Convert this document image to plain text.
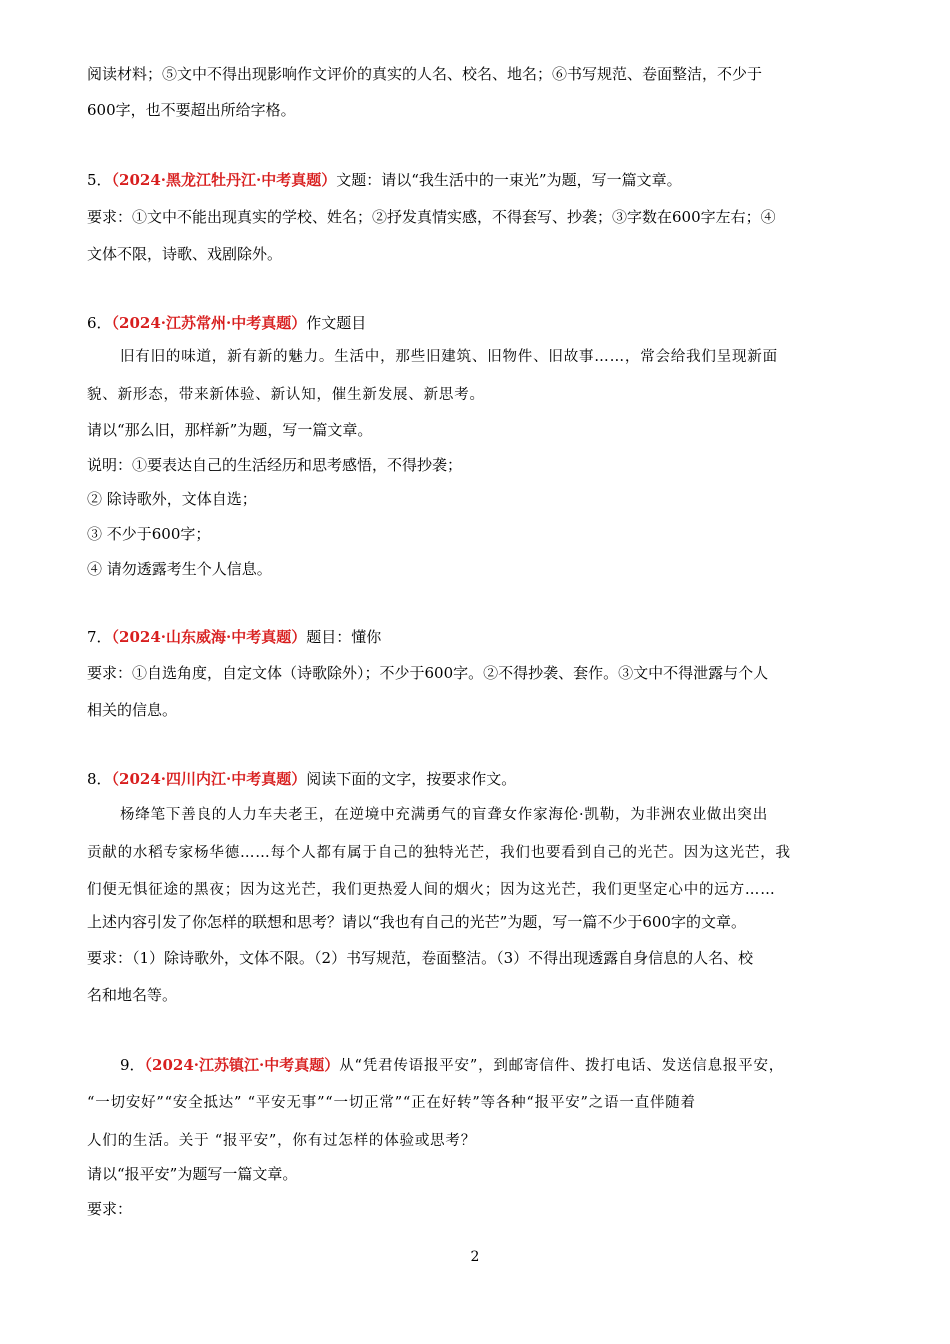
阅读材料；⑤文中不得出现影响作文评价的真实的人名、校名、地名；⑥书写规范、卷面整洁，不少于
600字，也不要超出所给字格。
5．（2024·黑龙江牡丹江·中考真题）文题：请以“我生活中的一束光”为题，写一篇文章。
要求：①文中不能出现真实的学校、姓名；②抒发真情实感，不得套写、抄袭；③字数在600字左右；④
文体不限，诗歌、戏剧除外。
6．（2024·江苏常州·中考真题）作文题目
旧有旧的味道，新有新的魅力。生活中，那些旧建筑、旧物件、旧故事……，常会给我们呈现新面
貌、新形态，带来新体验、新认知，催生新发展、新思考。
请以“那么旧，那样新”为题，写一篇文章。
说明：①要表达自己的生活经历和思考感悟，不得抄袭；
② 除诗歌外，文体自选；
③ 不少于600字；
④ 请勿透露考生个人信息。
7．（2024·山东威海·中考真题）题目：懂你
要求：①自选角度，自定文体（诗歌除外）；不少于600字。②不得抄袭、套作。③文中不得泄露与个人
相关的信息。
8．（2024·四川内江·中考真题）阅读下面的文字，按要求作文。
杨绛笔下善良的人力车夫老王，在逆境中充满勇气的盲聋女作家海伦·凯勒，为非洲农业做出突出
贡献的水稻专家杨华德……每个人都有属于自己的独特光芒，我们也要看到自己的光芒。因为这光芒，我
们便无惧征途的黑夜；因为这光芒，我们更热爱人间的烟火；因为这光芒，我们更坚定心中的远方……
上述内容引发了你怎样的联想和思考？请以“我也有自己的光芒”为题，写一篇不少于600字的文章。
要求：（1）除诗歌外，文体不限。（2）书写规范，卷面整洁。（3）不得出现透露自身信息的人名、校
名和地名等。
9．（2024·江苏镇江·中考真题）从“凭君传语报平安”，到邮寄信件、拨打电话、发送信息报平安，
“一切安好”“安全抵达” “平安无事”“一切正常”“正在好转”等各种“报平安”之语一直伴随着
人们的生活。关于 “报平安”，你有过怎样的体验或思考？
请以“报平安”为题写一篇文章。
要求：
2
